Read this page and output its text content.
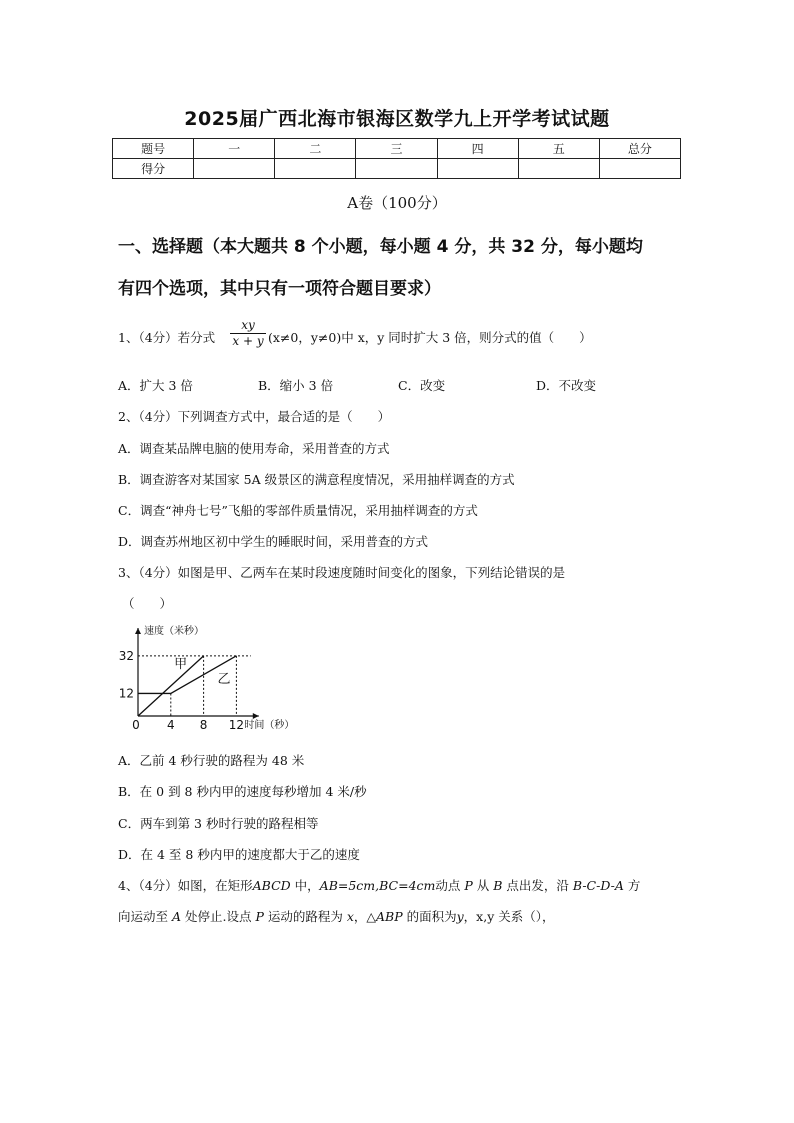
2025届广西北海市银海区数学九上开学考试试题
题号	一	二	三	四	五	总分
得分						
A卷（100分）
一、选择题（本大题共 8 个小题，每小题 4 分，共 32 分，每小题均
有四个选项，其中只有一项符合题目要求）
1、（4分）若分式 $\frac{xy}{x + y} (x\ne 0$，y≠0)中 x，y 同时扩大 3 倍，则分式的值（　　）
A．扩大 3 倍	B．缩小 3 倍	C．改变	D．不改变
2、（4分）下列调查方式中，最合适的是（　　）
A．调查某品牌电脑的使用寿命，采用普查的方式
B．调查游客对某国家 5A 级景区的满意程度情况，采用抽样调查的方式
C．调查“神舟七号”飞船的零部件质量情况，采用抽样调查的方式
D．调查苏州地区初中学生的睡眠时间，采用普查的方式
3、（4分）如图是甲、乙两车在某时段速度随时间变化的图象，下列结论错误的是
（　　）
甲
乙
32
12
0 4 8 12
速度（米秒）
时间（秒）
A．乙前 4 秒行驶的路程为 48 米
B．在 0 到 8 秒内甲的速度每秒增加 4 米/秒
C．两车到第 3 秒时行驶的路程相等
D．在 4 至 8 秒内甲的速度都大于乙的速度
4、（4分）如图，在矩形ABCD 中，AB=5cm,BC=4cm动点 P 从 B 点出发，沿 B-C-D-A 方
向运动至 A 处停止.设点 P 运动的路程为 x，△ABP 的面积为y，x,y 关系（），
